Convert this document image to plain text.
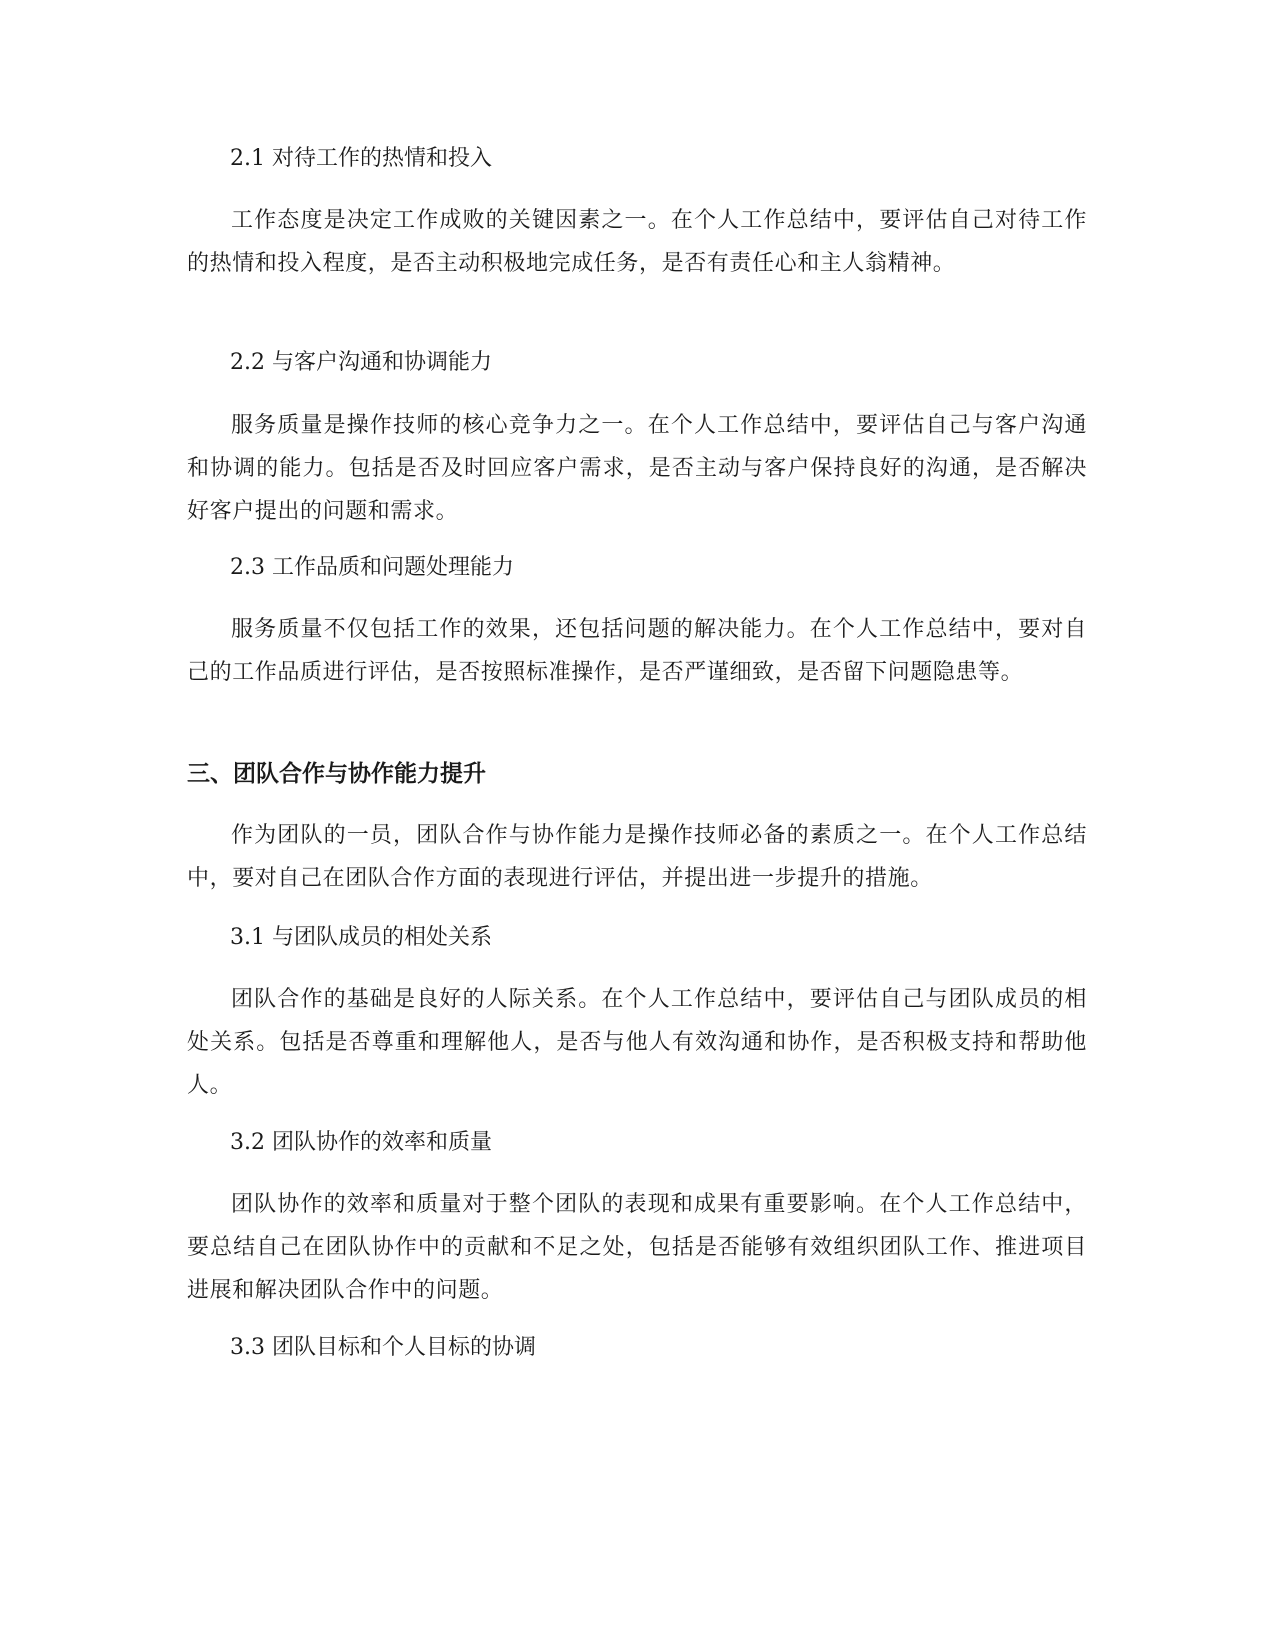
2.1 对待工作的热情和投入

工作态度是决定工作成败的关键因素之一。在个人工作总结中，要评估自己对待工作的热情和投入程度，是否主动积极地完成任务，是否有责任心和主人翁精神。

2.2 与客户沟通和协调能力

服务质量是操作技师的核心竞争力之一。在个人工作总结中，要评估自己与客户沟通和协调的能力。包括是否及时回应客户需求，是否主动与客户保持良好的沟通，是否解决好客户提出的问题和需求。

2.3 工作品质和问题处理能力

服务质量不仅包括工作的效果，还包括问题的解决能力。在个人工作总结中，要对自己的工作品质进行评估，是否按照标准操作，是否严谨细致，是否留下问题隐患等。

三、团队合作与协作能力提升

作为团队的一员，团队合作与协作能力是操作技师必备的素质之一。在个人工作总结中，要对自己在团队合作方面的表现进行评估，并提出进一步提升的措施。

3.1 与团队成员的相处关系

团队合作的基础是良好的人际关系。在个人工作总结中，要评估自己与团队成员的相处关系。包括是否尊重和理解他人，是否与他人有效沟通和协作，是否积极支持和帮助他人。

3.2 团队协作的效率和质量

团队协作的效率和质量对于整个团队的表现和成果有重要影响。在个人工作总结中，要总结自己在团队协作中的贡献和不足之处，包括是否能够有效组织团队工作、推进项目进展和解决团队合作中的问题。

3.3 团队目标和个人目标的协调
